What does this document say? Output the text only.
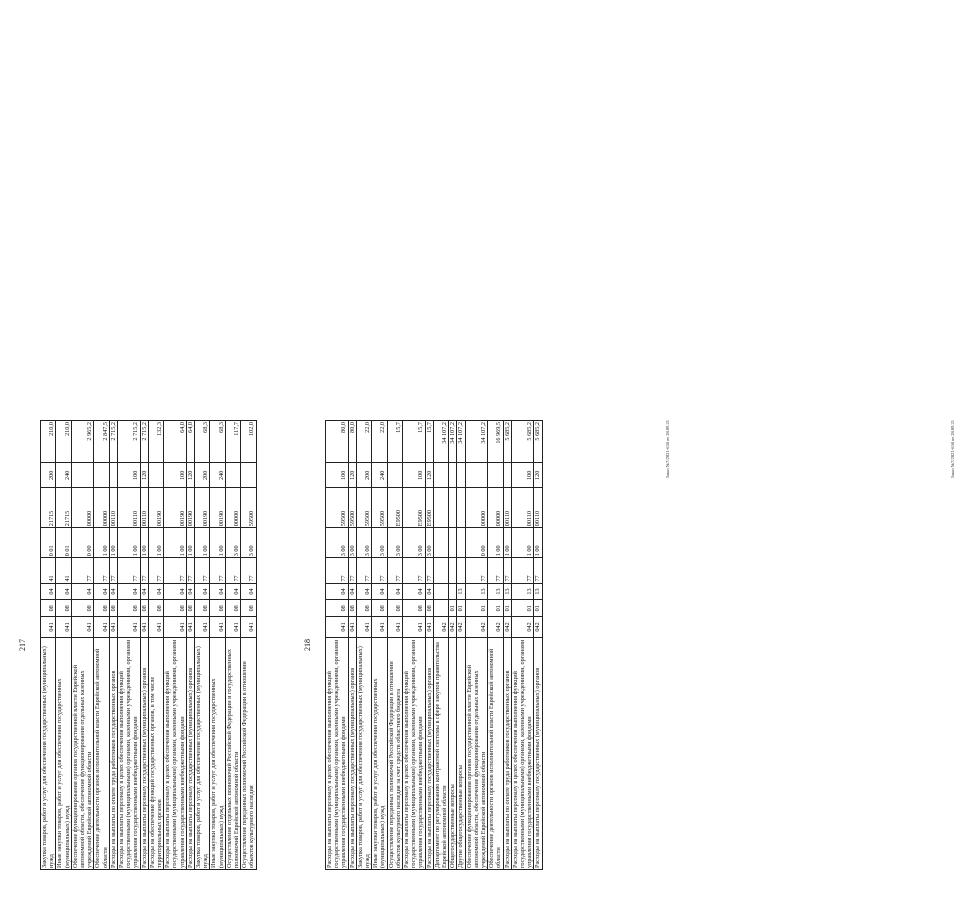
217
Закупка товаров, работ и услуг для обеспечения государственных (муниципальных) нужд	041	08	04	41	0 01	21715	200	210,0
Иные закупки товаров, работ и услуг для обеспечения государственных (муниципальных) нужд	041	08	04	41	0 01	21715	240	210,0
Обеспечение функционирования органов государственной власти Еврейской автономной области, обеспечение функционирования отдельных казенных учреждений Еврейской автономной области	041	08	04	77	0 00	00000		2 965,2
Обеспечение деятельности органов исполнительной власти Еврейской автономной области	041	08	04	77	1 00	00000		2 847,5
Расходы на выплаты по оплате труда работников государственных органов	041	08	04	77	1 00	00110		2 715,2
Расходы на выплаты персоналу в целях обеспечения выполнения функций государственными (муниципальными) органами, казенными учреждениями, органами управления государственными внебюджетными фондами	041	08	04	77	1 00	00110	100	2 715,2
Расходы на выплаты персоналу государственных (муниципальных) органов	041	08	04	77	1 00	00110	120	2 715,2
Расходы на обеспечение функций государственных органов, в том числе территориальных органов	041	08	04	77	1 00	00190		132,3
Расходы на выплаты персоналу в целях обеспечения выполнения функций государственными (муниципальными) органами, казенными учреждениями, органами управления государственными внебюджетными фондами	041	08	04	77	1 00	00190	100	64,0
Расходы на выплаты персоналу государственных (муниципальных) органов	041	08	04	77	1 00	00190	120	64,0
Закупка товаров, работ и услуг для обеспечения государственных (муниципальных) нужд	041	08	04	77	1 00	00190	200	68,3
Иные закупки товаров, работ и услуг для обеспечения государственных (муниципальных) нужд	041	08	04	77	1 00	00190	240	68,3
Осуществление отдельных полномочий Российской Федерации и государственных полномочий Еврейской автономной области	041	08	04	77	3 00	00000		117,7
Осуществление переданных полномочий Российской Федерации в отношении объектов культурного наследия	041	08	04	77	3 00	59500		102,0	Заказ №7/2021-658 от 28.09.21
218
Расходы на выплаты персоналу в целях обеспечения выполнения функций государственными (муниципальными) органами, казенными учреждениями, органами управления государственными внебюджетными фондами	041	08	04	77	3 00	59500	100	80,0
Расходы на выплаты персоналу государственных (муниципальных) органов	041	08	04	77	3 00	59500	120	80,0
Закупка товаров, работ и услуг для обеспечения государственных (муниципальных) нужд	041	08	04	77	3 00	59500	200	22,0
Иные закупки товаров, работ и услуг для обеспечения государственных (муниципальных) нужд	041	08	04	77	3 00	59500	240	22,0
Осуществление переданных полномочий Российской Федерации в отношении объектов культурного наследия за счет средств областного бюджета	041	08	04	77	3 00	E9500		15,7
Расходы на выплаты персоналу в целях обеспечения выполнения функций государственными (муниципальными) органами, казенными учреждениями, органами управления государственными внебюджетными фондами	041	08	04	77	3 00	E9500	100	15,7
Расходы на выплаты персоналу государственных (муниципальных) органов	041	08	04	77	3 00	E9500	120	15,7
Департамент по регулированию контрактной системы в сфере закупок правительства Еврейской автономной области	042							34 107,2
Общегосударственные вопросы	042	01						34 107,2
Другие общегосударственные вопросы	042	01	13					34 107,2
Обеспечение функционирования органов государственной власти Еврейской автономной области, обеспечение функционирования отдельных казенных учреждений Еврейской автономной области	042	01	13	77	0 00	00000		34 107,2
Обеспечение деятельности органов исполнительной власти Еврейской автономной области	042	01	13	77	1 00	00000		16 969,5
Расходы на выплаты по оплате труда работников государственных органов	042	01	13	77	1 00	00110		5 685,2
Расходы на выплаты персоналу в целях обеспечения выполнения функций государственными (муниципальными) органами, казенными учреждениями, органами управления государственными внебюджетными фондами	042	01	13	77	1 00	00110	100	5 685,2
Расходы на выплаты персоналу государственных (муниципальных) органов	042	01	13	77	1 00	00110	120	5 685,2	Заказ №7/2021-658 от 28.09.21
